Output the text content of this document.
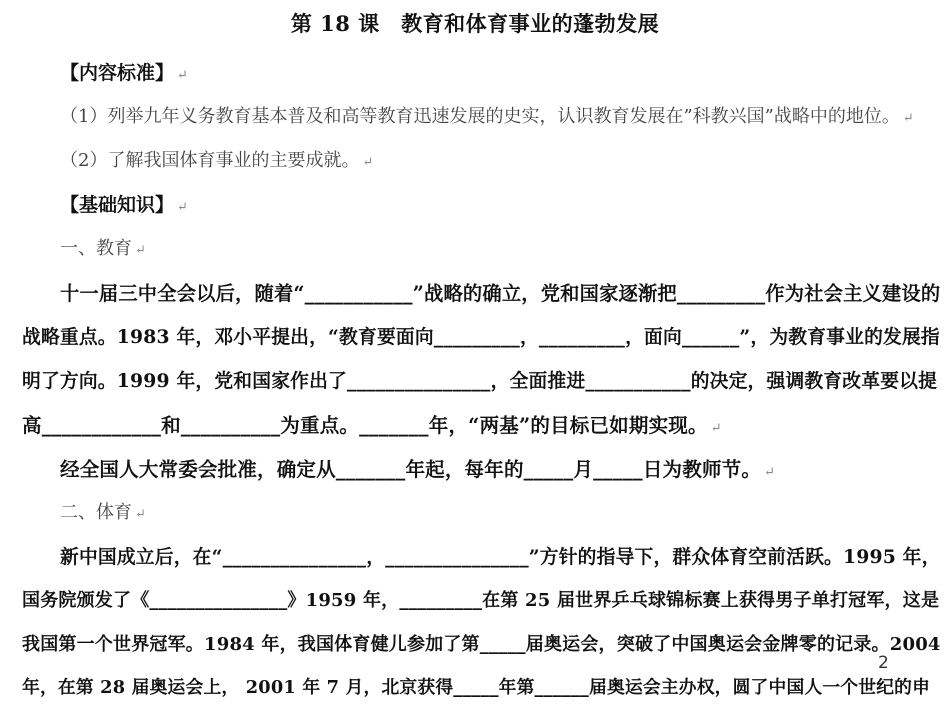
第 18 课　教育和体育事业的蓬勃发展
【内容标准】 ↵
（1）列举九年义务教育基本普及和高等教育迅速发展的史实，认识教育发展在”科教兴国”战略中的地位。 ↵
（2）了解我国体育事业的主要成就。 ↵
【基础知识】 ↵
一、教育 ↵
十一届三中全会以后，随着“___________”战略的确立，党和国家逐渐把_________作为社会主义建设的
战略重点。1983 年，邓小平提出，“教育要面向_________，_________，面向______”，为教育事业的发展指
明了方向。1999 年，党和国家作出了_______________，全面推进___________的决定，强调教育改革要以提
高____________和__________为重点。_______年，“两基”的目标已如期实现。 ↵
经全国人大常委会批准，确定从_______年起，每年的_____月_____日为教师节。 ↵
二、体育 ↵
新中国成立后，在“_______________，_______________”方针的指导下，群众体育空前活跃。1995 年，
国务院颁发了《_______________》1959 年，_________在第 25 届世界乒乓球锦标赛上获得男子单打冠军，这是
我国第一个世界冠军。1984 年，我国体育健儿参加了第_____届奥运会，突破了中国奥运会金牌零的记录。2004
年，在第 28 届奥运会上， 2001 年 7 月，北京获得_____年第______届奥运会主办权，圆了中国人一个世纪的申
2
